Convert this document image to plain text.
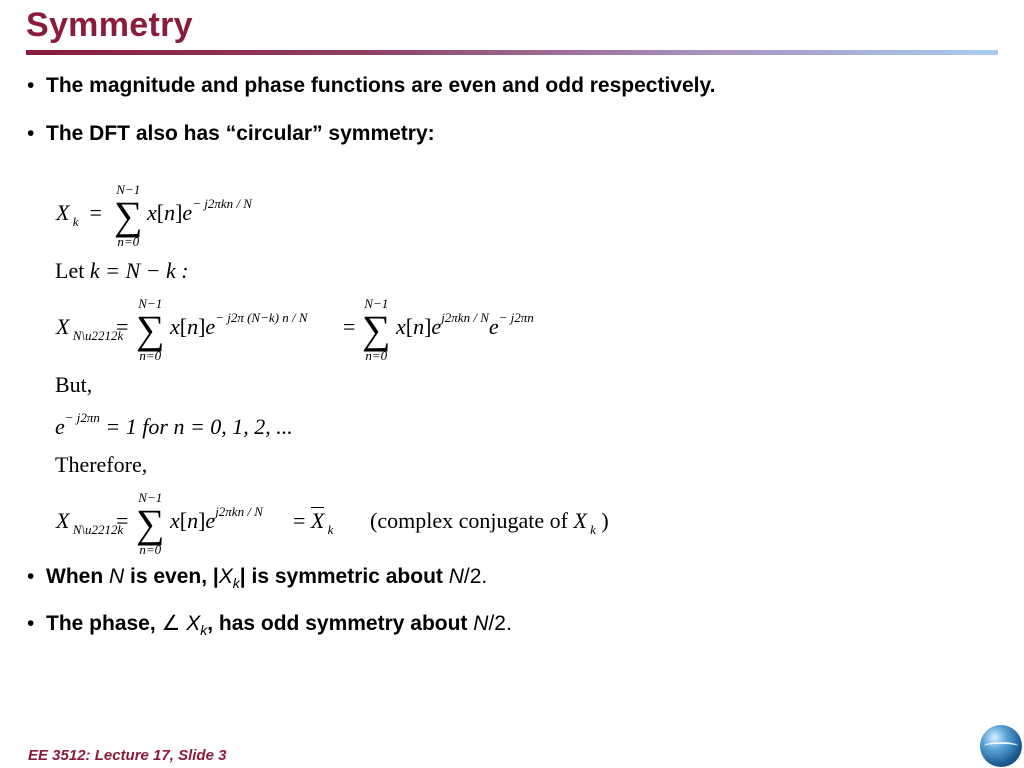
Symmetry
• The magnitude and phase functions are even and odd respectively.
• The DFT also has “circular” symmetry:
X $_k$  =
N−1
∑
n=0
$x[n]e^{- j2\pi kn / N}$
Let k = N − k :
X $_{N\backslash u2212k}$
=
N−1
∑
n=0
$x[n]e^{- j2\pi (N-k) n / N}$ =
N−1
∑
n=0
$x[n]e^{j2\pi kn / N}e^{- j2\pi n}$
But,
$e^{- j2\pi n} = 1$ for n = 0, 1, 2, ...
Therefore,
X $_{N\backslash u2212k}$
=
N−1
∑
n=0
$x[n]e^{j2\pi kn / N} = X$ $_k$ (complex conjugate of X $_k$ )
• When N is even, $|X_k|$ is symmetric about N/2.
• The phase, ∠ $X_k$, has odd symmetry about N/2.
EE 3512: Lecture 17, Slide 3
